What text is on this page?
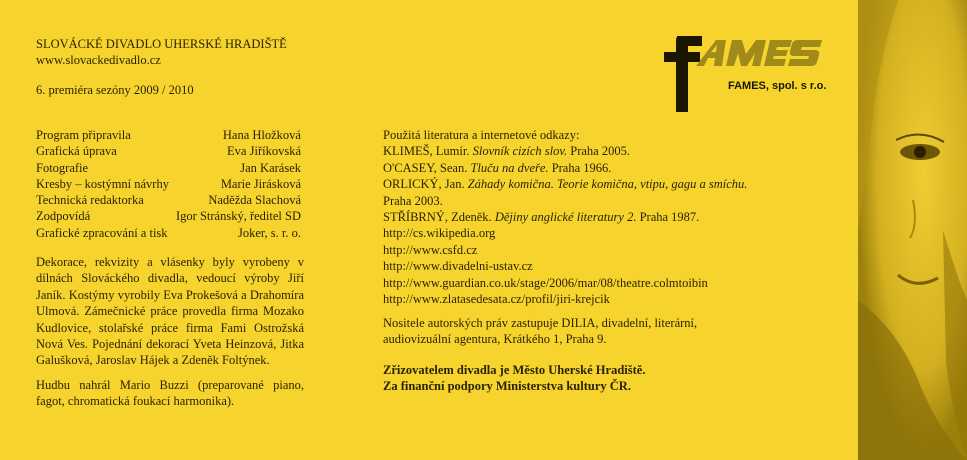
SLOVÁCKÉ DIVADLO UHERSKÉ HRADIŠTĚ
www.slovackedivadlo.cz
6. premiéra sezóny 2009 / 2010
Program připravila	Hana Hložková
Grafická úprava	Eva Jiříkovská
Fotografie	Jan Karásek
Kresby – kostýmní návrhy	Marie Jirásková
Technická redaktorka	Naděžda Slachová
Zodpovídá	Igor Stránský, ředitel SD
Grafické zpracování a tisk	Joker, s. r. o.
Dekorace, rekvizity a vlásenky byly vyrobeny v dílnách Slováckého divadla, vedoucí výroby Jiří Janík. Kostýmy vyrobily Eva Prokešová a Drahomíra Ulmová. Zámečnické práce provedla firma Mozako Kudlovice, stolařské práce firma Fami Ostrožská Nová Ves. Pojednání dekorací Yveta Heinzová, Jitka Galušková, Jaroslav Hájek a Zdeněk Foltýnek.
Hudbu nahrál Mario Buzzi (preparované piano, fagot, chromatická foukací harmonika).
Použitá literatura a internetové odkazy:
KLIMEŠ, Lumír. Slovník cizích slov. Praha 2005.
O'CASEY, Sean. Tluču na dveře. Praha 1966.
ORLICKÝ, Jan. Záhady komična. Teorie komična, vtipu, gagu a smíchu.
Praha 2003.
STŘÍBRNÝ, Zdeněk. Dějiny anglické literatury 2. Praha 1987.
http://cs.wikipedia.org
http://www.csfd.cz
http://www.divadelni-ustav.cz
http://www.guardian.co.uk/stage/2006/mar/08/theatre.colmtoibin
http://www.zlatasedesata.cz/profil/jiri-krejcik
Nositele autorských práv zastupuje DILIA, divadelní, literární, audiovizuální agentura, Krátkého 1, Praha 9.
Zřizovatelem divadla je Město Uherské Hradiště.
Za finanční podpory Ministerstva kultury ČR.
FAMES, spol. s r.o.
